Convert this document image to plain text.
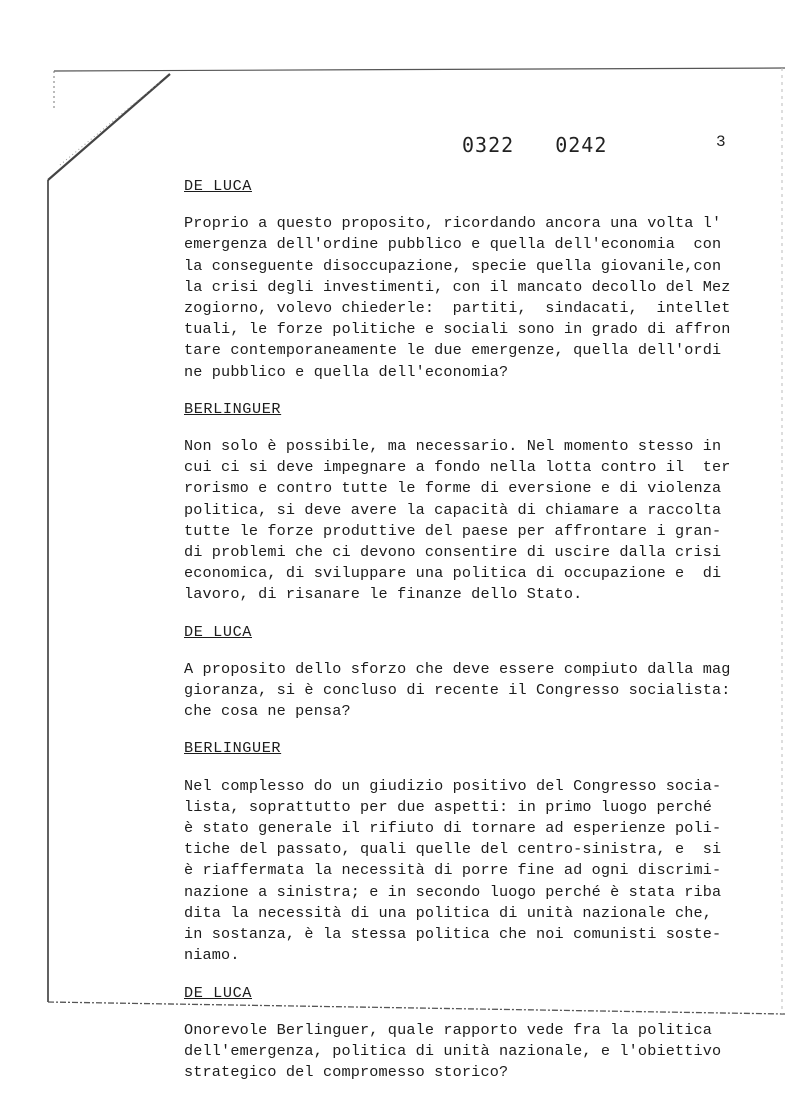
0322 0242	3
DE LUCA
Proprio a questo proposito, ricordando ancora una volta l'
emergenza dell'ordine pubblico e quella dell'economia  con
la conseguente disoccupazione, specie quella giovanile,con
la crisi degli investimenti, con il mancato decollo del Mez
zogiorno, volevo chiederle:  partiti,  sindacati,  intellet
tuali, le forze politiche e sociali sono in grado di affron
tare contemporaneamente le due emergenze, quella dell'ordi
ne pubblico e quella dell'economia?
BERLINGUER
Non solo è possibile, ma necessario. Nel momento stesso in
cui ci si deve impegnare a fondo nella lotta contro il  ter
rorismo e contro tutte le forme di eversione e di violenza
politica, si deve avere la capacità di chiamare a raccolta
tutte le forze produttive del paese per affrontare i gran-
di problemi che ci devono consentire di uscire dalla crisi
economica, di sviluppare una politica di occupazione e  di
lavoro, di risanare le finanze dello Stato.
DE LUCA
A proposito dello sforzo che deve essere compiuto dalla mag
gioranza, si è concluso di recente il Congresso socialista:
che cosa ne pensa?
BERLINGUER
Nel complesso do un giudizio positivo del Congresso socia-
lista, soprattutto per due aspetti: in primo luogo perché
è stato generale il rifiuto di tornare ad esperienze poli-
tiche del passato, quali quelle del centro-sinistra, e  si
è riaffermata la necessità di porre fine ad ogni discrimi-
nazione a sinistra; e in secondo luogo perché è stata riba
dita la necessità di una politica di unità nazionale che,
in sostanza, è la stessa politica che noi comunisti soste-
niamo.
DE LUCA
Onorevole Berlinguer, quale rapporto vede fra la politica
dell'emergenza, politica di unità nazionale, e l'obiettivo
strategico del compromesso storico?
